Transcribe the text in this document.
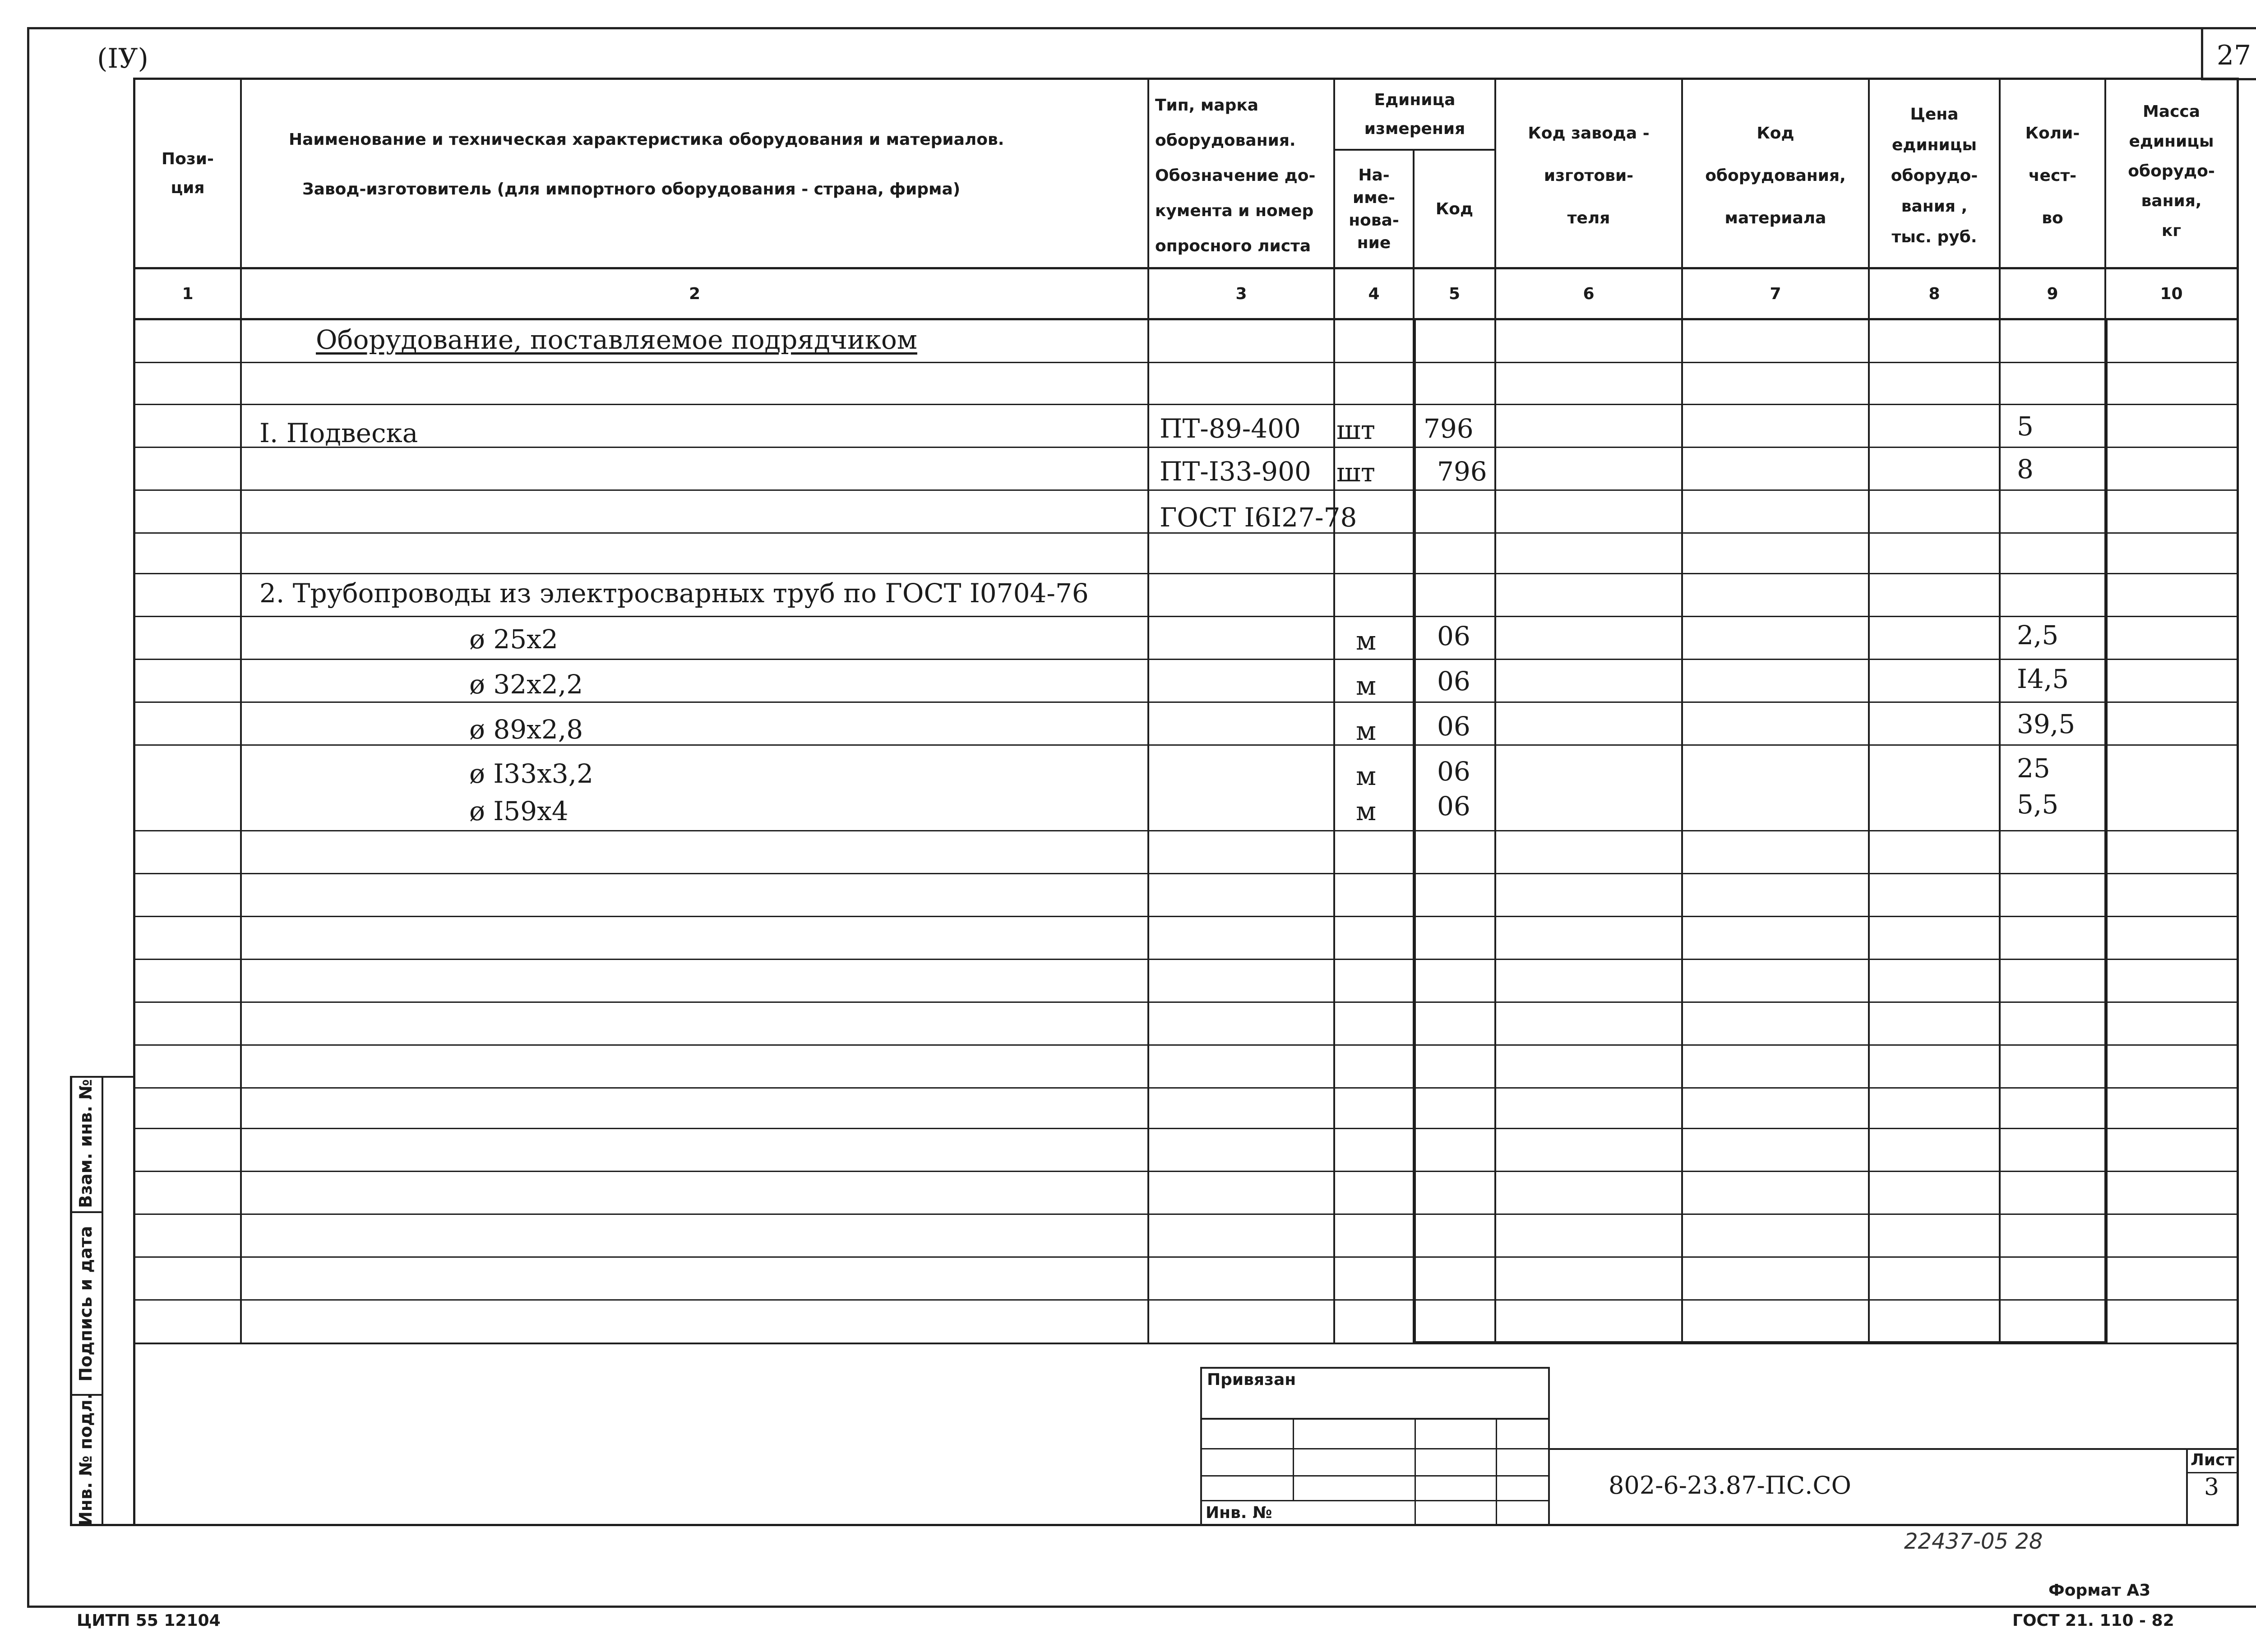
(IУ)	27
Пози-
ция
Наименование и техническая характеристика оборудования и материалов.
Завод-изготовитель (для импортного оборудования - страна, фирма)
Тип, марка
оборудования.
Обозначение до-
кумента и номер
опросного листа
Единица
измерения
На-
име-
нова-
ние
Код
Код завода -
изготови-
теля
Код
оборудования,
материала
Цена
единицы
оборудо-
вания ,
тыс. руб.
Коли-
чест-
во
Масса
единицы
оборудо-
вания,
кг
1	2	3	4	5	6	7	8	9	10
Оборудование, поставляемое подрядчиком
I. Подвеска	ПТ-89-400 шт 796	5
ПТ-I33-900 шт 796	8
ГОСТ I6I27-78
2. Трубопроводы из электросварных труб по ГОСТ I0704-76
ø 25x2	м 06	2,5
ø 32x2,2	м 06	I4,5
ø 89x2,8	м 06	39,5
ø I33x3,2	м 06	25
ø I59x4	м 06	5,5
Взам. инв. №
Подпись и дата
Инв. № подл.
Привязан
Инв. №
802-6-23.87-ПС.СО
Лист
3
22437-05 28
Формат А3
ЦИТП 55 12104	ГОСТ 21. 110 - 82
